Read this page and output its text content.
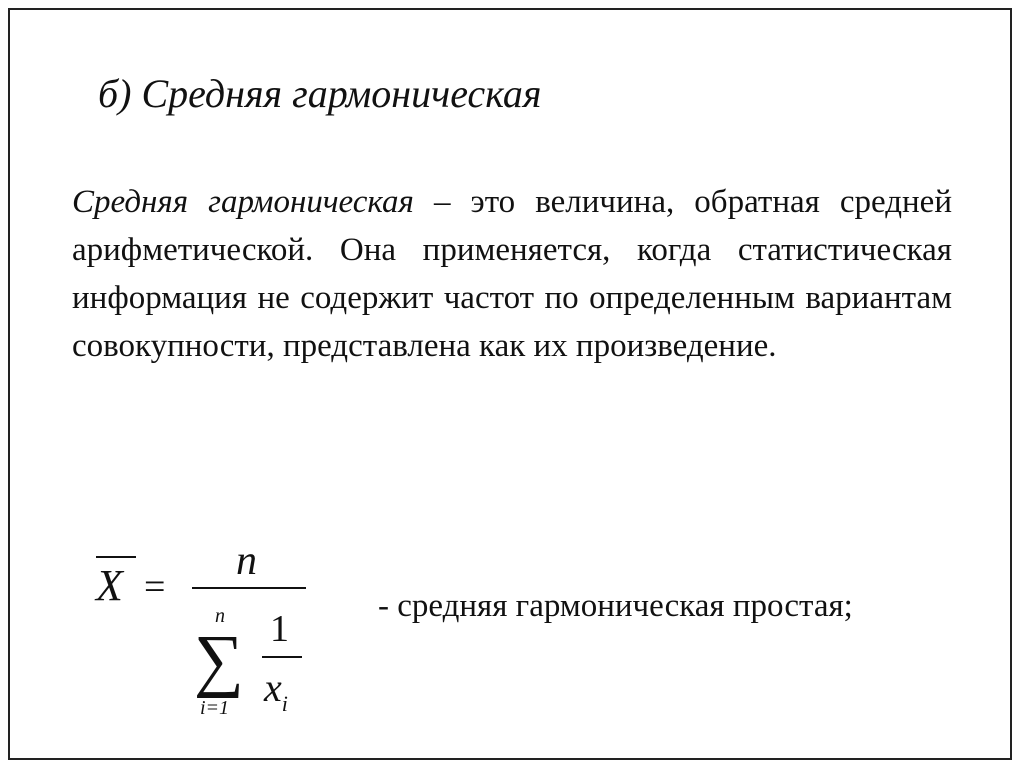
б) Средняя гармоническая

Средняя гармоническая – это величина, обратная средней арифметической. Она применяется, когда статистическая информация не содержит частот по определенным вариантам совокупности, представлена как их произведение.

X =
n
n
∑
i=1
1
$x_i$
- средняя гармоническая простая;
